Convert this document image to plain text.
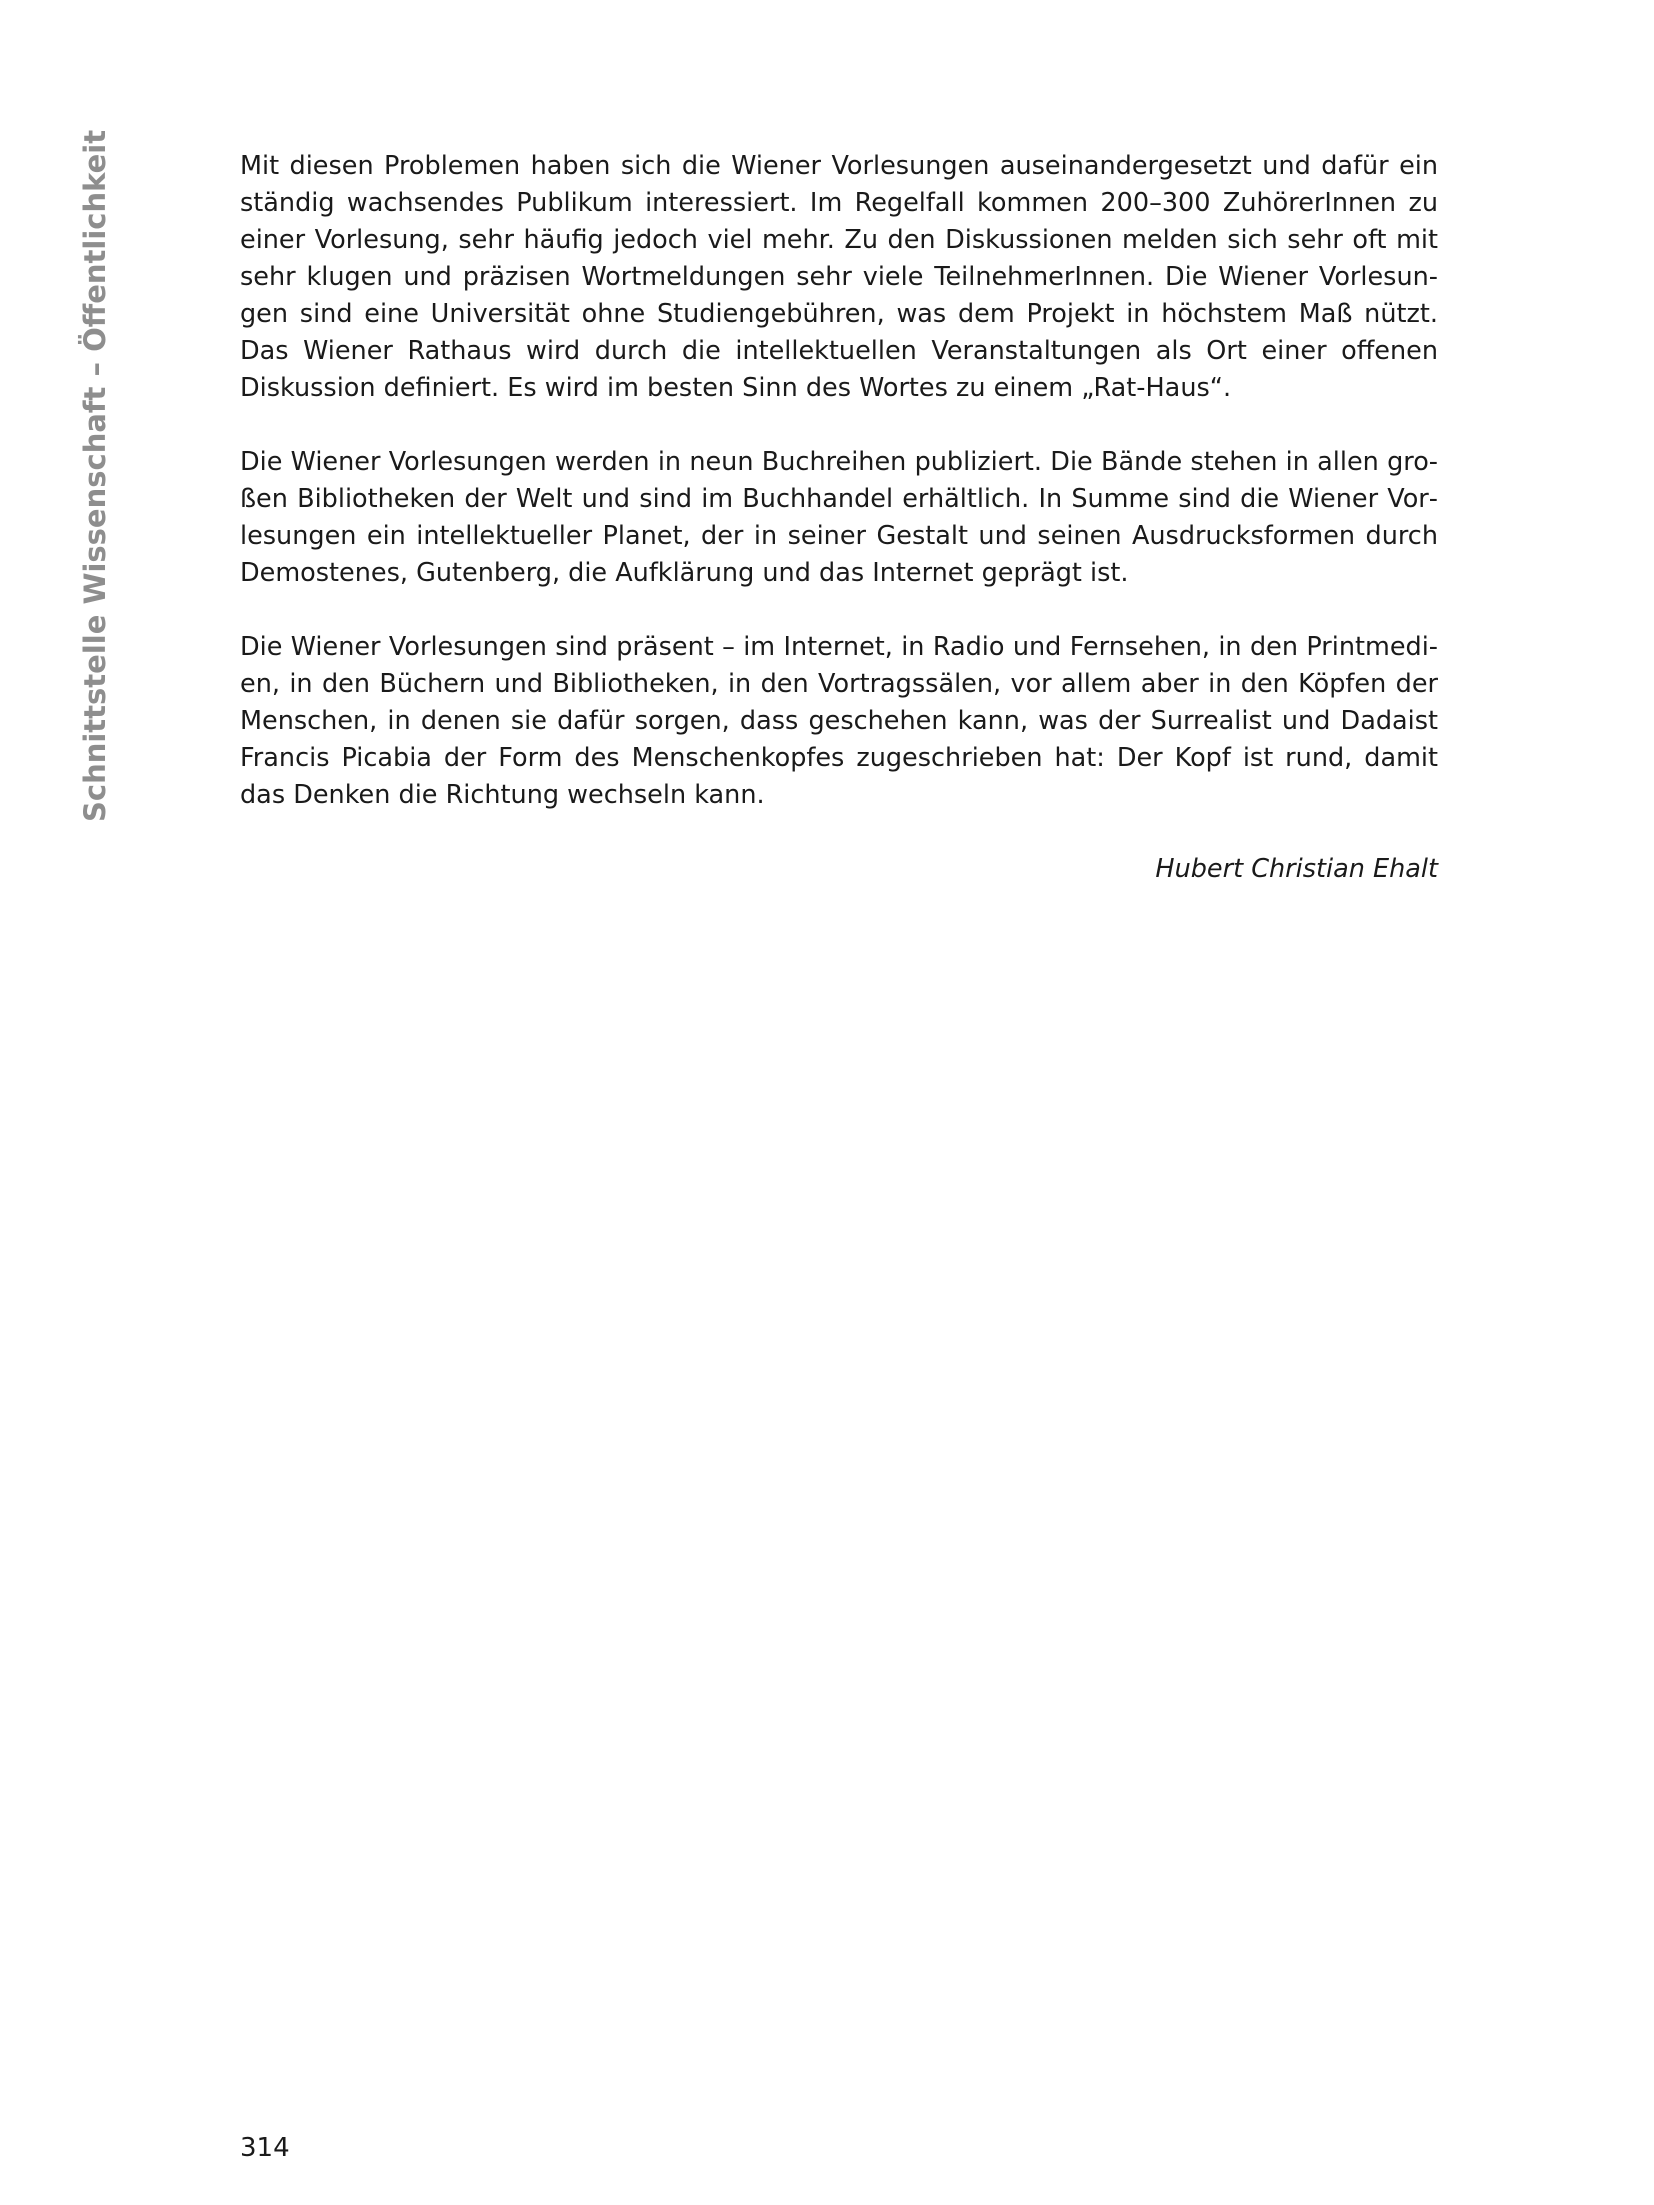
Schnittstelle Wissenschaft – Öffentlichkeit	Mit diesen Problemen haben sich die Wiener Vorlesungen auseinandergesetzt und dafür ein ständig wachsendes Publikum interessiert. Im Regelfall kommen 200–300 ZuhörerInnen zu einer Vorlesung, sehr häufig jedoch viel mehr. Zu den Diskussionen melden sich sehr oft mit sehr klugen und präzisen Wortmeldungen sehr viele TeilnehmerInnen. Die Wiener Vorlesungen sind eine Universität ohne Studiengebühren, was dem Projekt in höchstem Maß nützt. Das Wiener Rathaus wird durch die intellektuellen Veranstaltungen als Ort einer offenen Diskussion definiert. Es wird im besten Sinn des Wortes zu einem „Rat-Haus“.

Die Wiener Vorlesungen werden in neun Buchreihen publiziert. Die Bände stehen in allen großen Bibliotheken der Welt und sind im Buchhandel erhältlich. In Summe sind die Wiener Vorlesungen ein intellektueller Planet, der in seiner Gestalt und seinen Ausdrucksformen durch Demostenes, Gutenberg, die Aufklärung und das Internet geprägt ist.

Die Wiener Vorlesungen sind präsent – im Internet, in Radio und Fernsehen, in den Printmedien, in den Büchern und Bibliotheken, in den Vortragssälen, vor allem aber in den Köpfen der Menschen, in denen sie dafür sorgen, dass geschehen kann, was der Surrealist und Dadaist Francis Picabia der Form des Menschenkopfes zugeschrieben hat: Der Kopf ist rund, damit das Denken die Richtung wechseln kann.

Hubert Christian Ehalt

314
